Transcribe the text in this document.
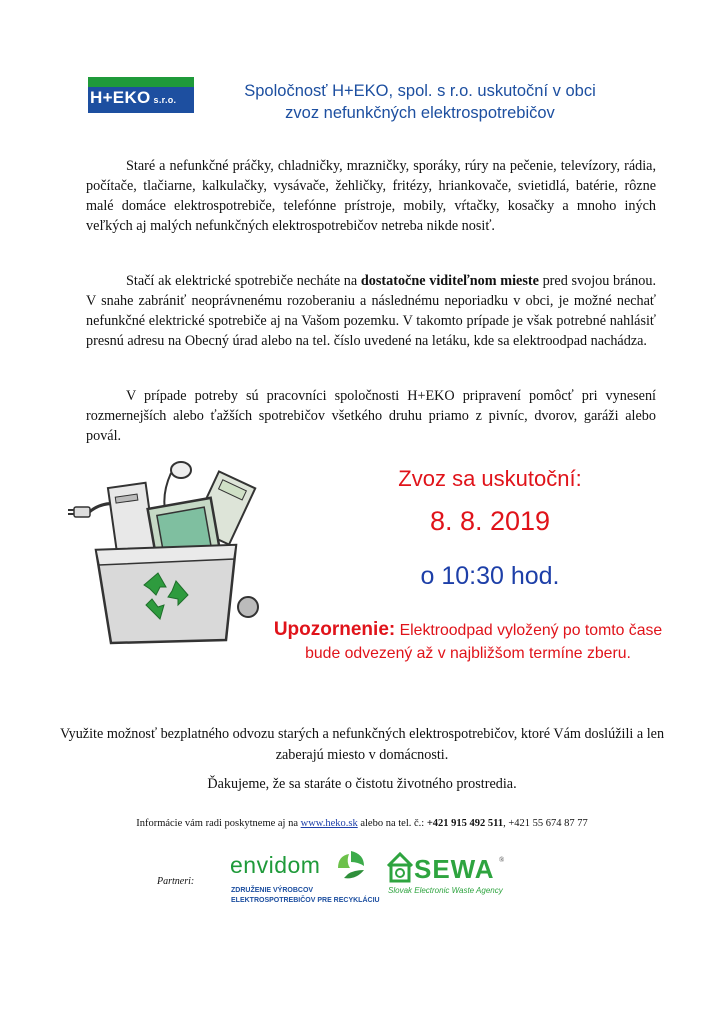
H+EKO s.r.o.	Spoločnosť H+EKO, spol. s r.o. uskutoční v obci
zvoz nefunkčných elektrospotrebičov

Staré a nefunkčné práčky, chladničky, mrazničky, sporáky, rúry na pečenie, televízory, rádia, počítače, tlačiarne, kalkulačky, vysávače, žehličky, fritézy, hriankovače, svietidlá, batérie, rôzne malé domáce elektrospotrebiče, telefónne prístroje, mobily, vŕtačky, kosačky a mnoho iných veľkých aj malých nefunkčných elektrospotrebičov netreba nikde nosiť.

Stačí ak elektrické spotrebiče necháte na dostatočne viditeľnom mieste pred svojou bránou. V snahe zabrániť neoprávnenému rozoberaniu a následnému neporiadku v obci, je možné nechať nefunkčné elektrické spotrebiče aj na Vašom pozemku. V takomto prípade je však potrebné nahlásiť presnú adresu na Obecný úrad alebo na tel. číslo uvedené na letáku, kde sa elektroodpad nachádza.

V prípade potreby sú pracovníci spoločnosti H+EKO pripravení pomôcť pri vynesení rozmernejších alebo ťažších spotrebičov všetkého druhu priamo z pivníc, dvorov, garáži alebo povál.

Zvoz sa uskutoční:
8. 8. 2019
o 10:30 hod.
Upozornenie: Elektroodpad vyložený po tomto čase bude odvezený až v najbližšom termíne zberu.
Využite možnosť bezplatného odvozu starých a nefunkčných elektrospotrebičov, ktoré Vám doslúžili a len zaberajú miesto v domácnosti.
Ďakujeme, že sa staráte o čistotu životného prostredia.
Informácie vám radi poskytneme aj na www.heko.sk alebo na tel. č.: +421 915 492 511, +421 55 674 87 77
Partneri:
envidom
ZDRUŽENIE VÝROBCOV
ELEKTROSPOTREBIČOV PRE RECYKLÁCIU
SEWA ®
Slovak Electronic Waste Agency
